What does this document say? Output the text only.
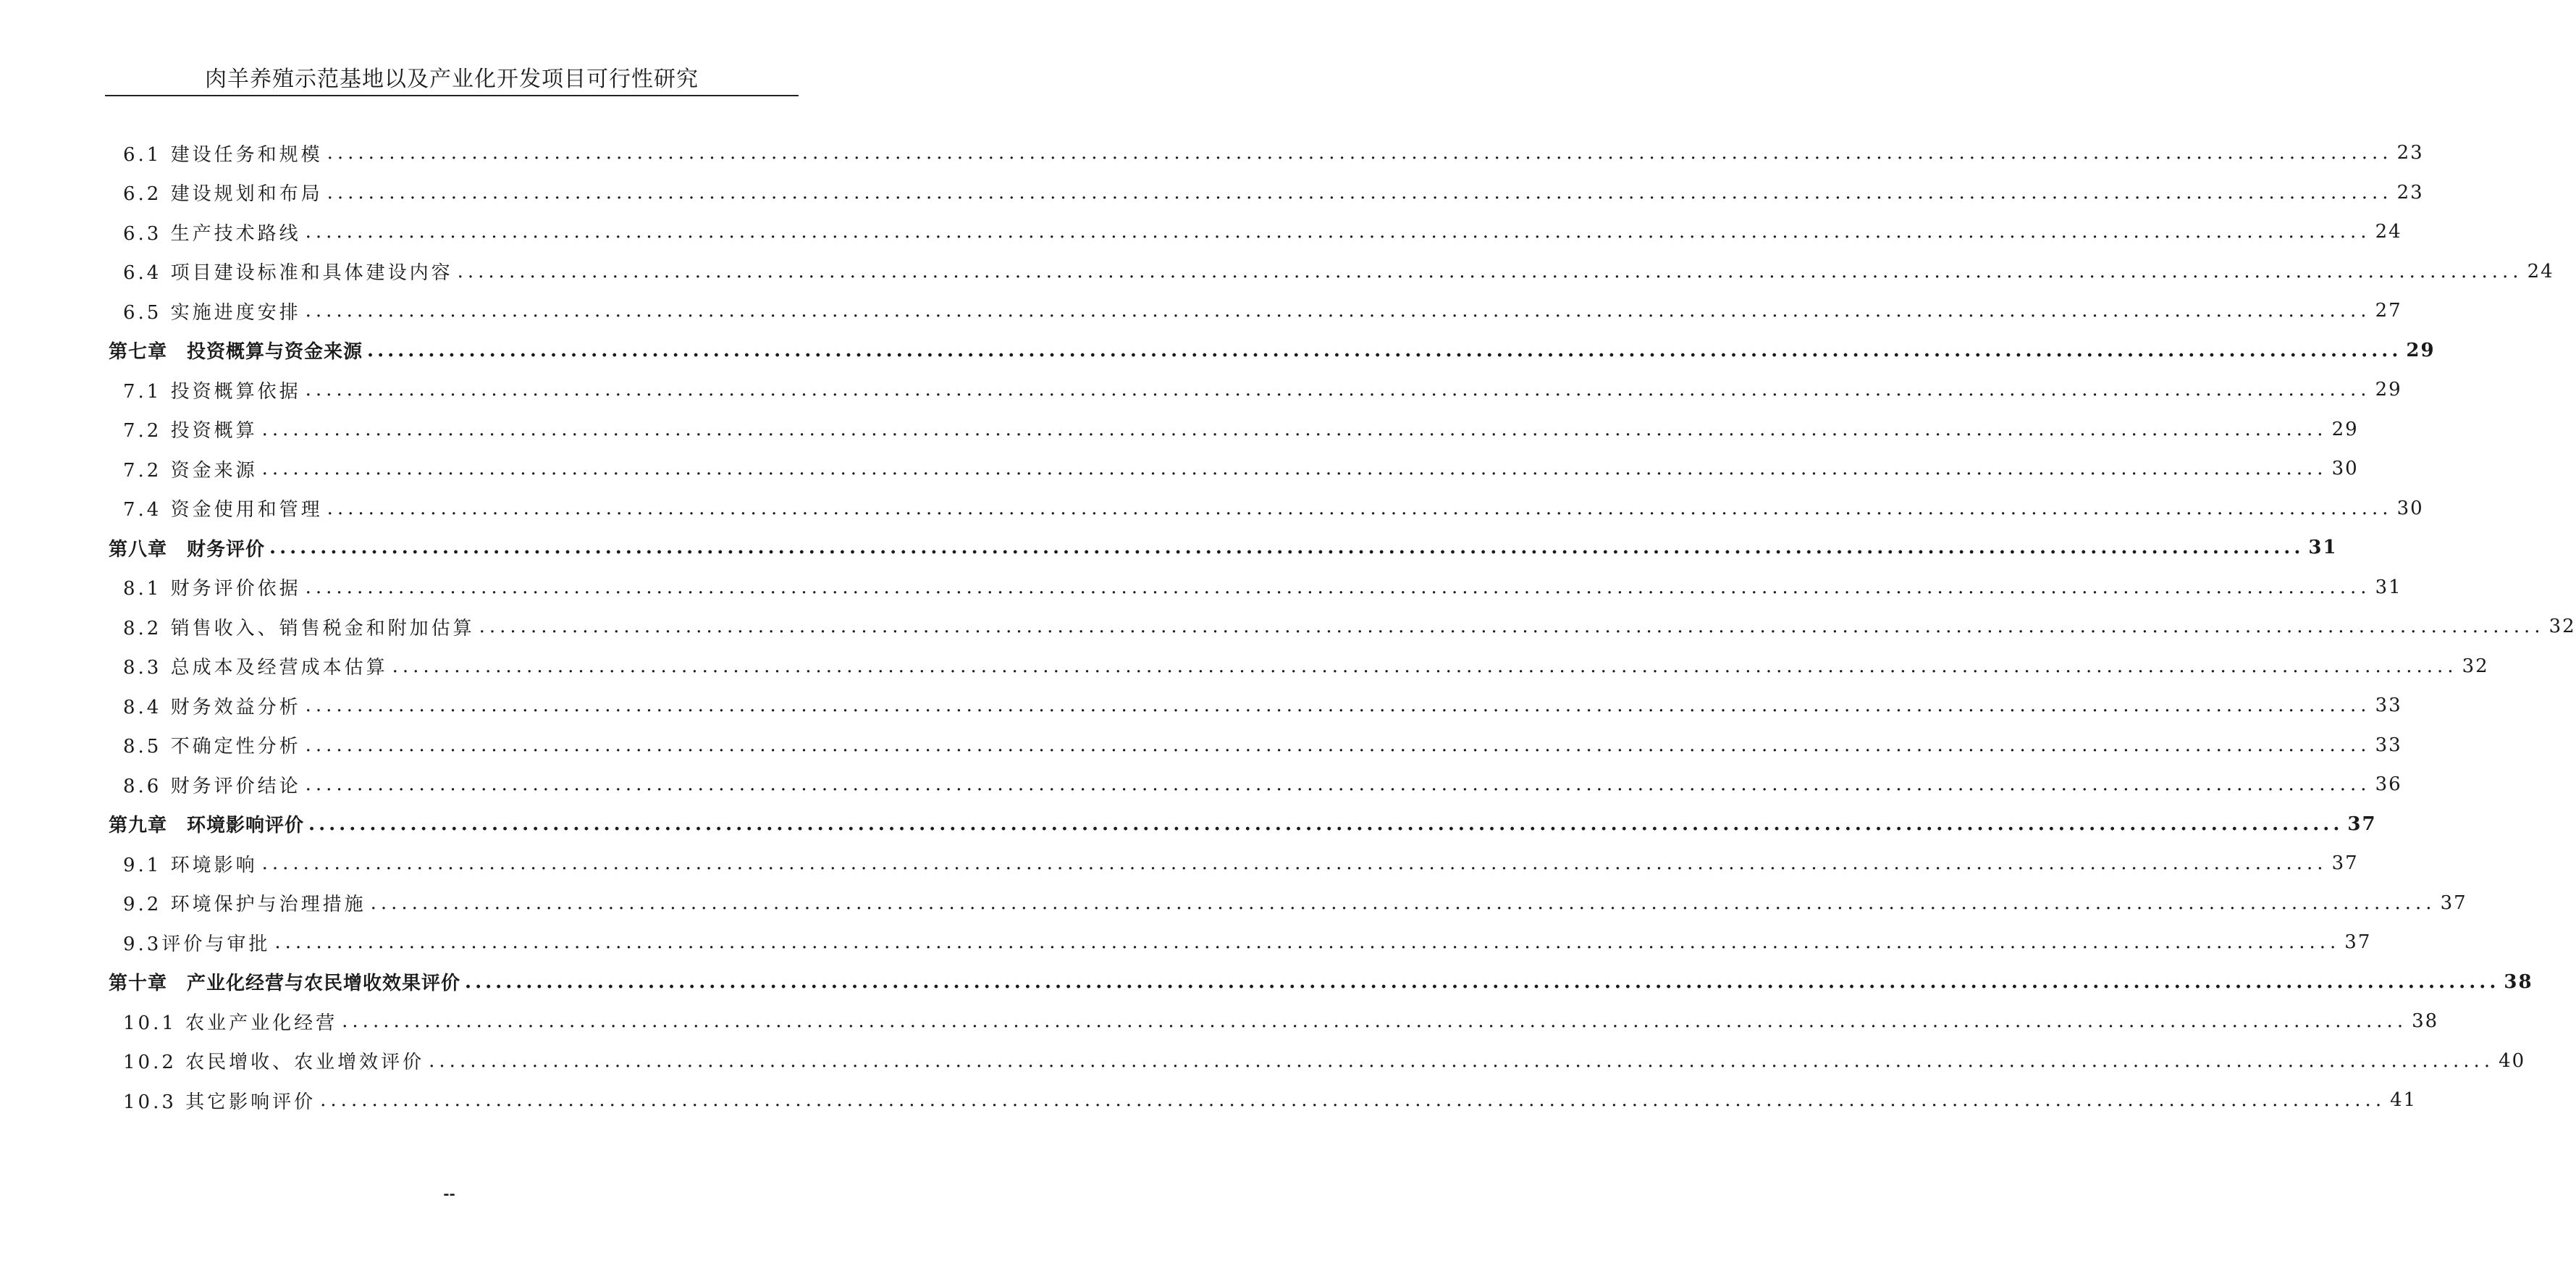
肉羊养殖示范基地以及产业化开发项目可行性研究
6.1 建设任务和规模 ........................................................................................................................................................................................................ 23
6.2 建设规划和布局 ........................................................................................................................................................................................................ 23
6.3 生产技术路线 ........................................................................................................................................................................................................ 24
6.4 项目建设标准和具体建设内容 ........................................................................................................................................................................................................ 24
6.5 实施进度安排 ........................................................................................................................................................................................................ 27
第七章　投资概算与资金来源 ........................................................................................................................................................................................................ 29
7.1 投资概算依据 ........................................................................................................................................................................................................ 29
7.2 投资概算 ........................................................................................................................................................................................................ 29
7.2 资金来源 ........................................................................................................................................................................................................ 30
7.4 资金使用和管理 ........................................................................................................................................................................................................ 30
第八章　财务评价 ........................................................................................................................................................................................................ 31
8.1 财务评价依据 ........................................................................................................................................................................................................ 31
8.2 销售收入、销售税金和附加估算 ........................................................................................................................................................................................................ 32
8.3 总成本及经营成本估算 ........................................................................................................................................................................................................ 32
8.4 财务效益分析 ........................................................................................................................................................................................................ 33
8.5 不确定性分析 ........................................................................................................................................................................................................ 33
8.6 财务评价结论 ........................................................................................................................................................................................................ 36
第九章　环境影响评价 ........................................................................................................................................................................................................ 37
9.1 环境影响 ........................................................................................................................................................................................................ 37
9.2 环境保护与治理措施 ........................................................................................................................................................................................................ 37
9.3评价与审批 ........................................................................................................................................................................................................ 37
第十章　产业化经营与农民增收效果评价 ........................................................................................................................................................................................................ 38
10.1 农业产业化经营 ........................................................................................................................................................................................................ 38
10.2 农民增收、农业增效评价 ........................................................................................................................................................................................................ 40
10.3 其它影响评价 ........................................................................................................................................................................................................ 41
--
